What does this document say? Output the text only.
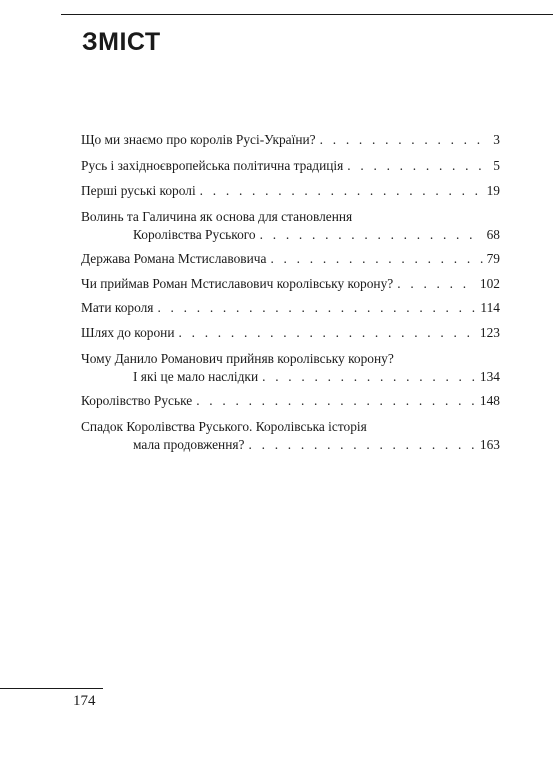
ЗМІСТ
Що ми знаємо про королів Русі-України? . . .	3
Русь і західноєвропейська політична традиція . . .	5
Перші руські королі . . .	19
Волинь та Галичина як основа для становлення
Королівства Руського . . .	68
Держава Романа Мстиславовича . . .	79
Чи приймав Роман Мстиславович королівську корону? . . .	102
Мати короля . . .	114
Шлях до корони . . .	123
Чому Данило Романович прийняв королівську корону?
І які це мало наслідки . . .	134
Королівство Руське . . .	148
Спадок Королівства Руського. Королівська історія
мала продовження? . . .	163
174
